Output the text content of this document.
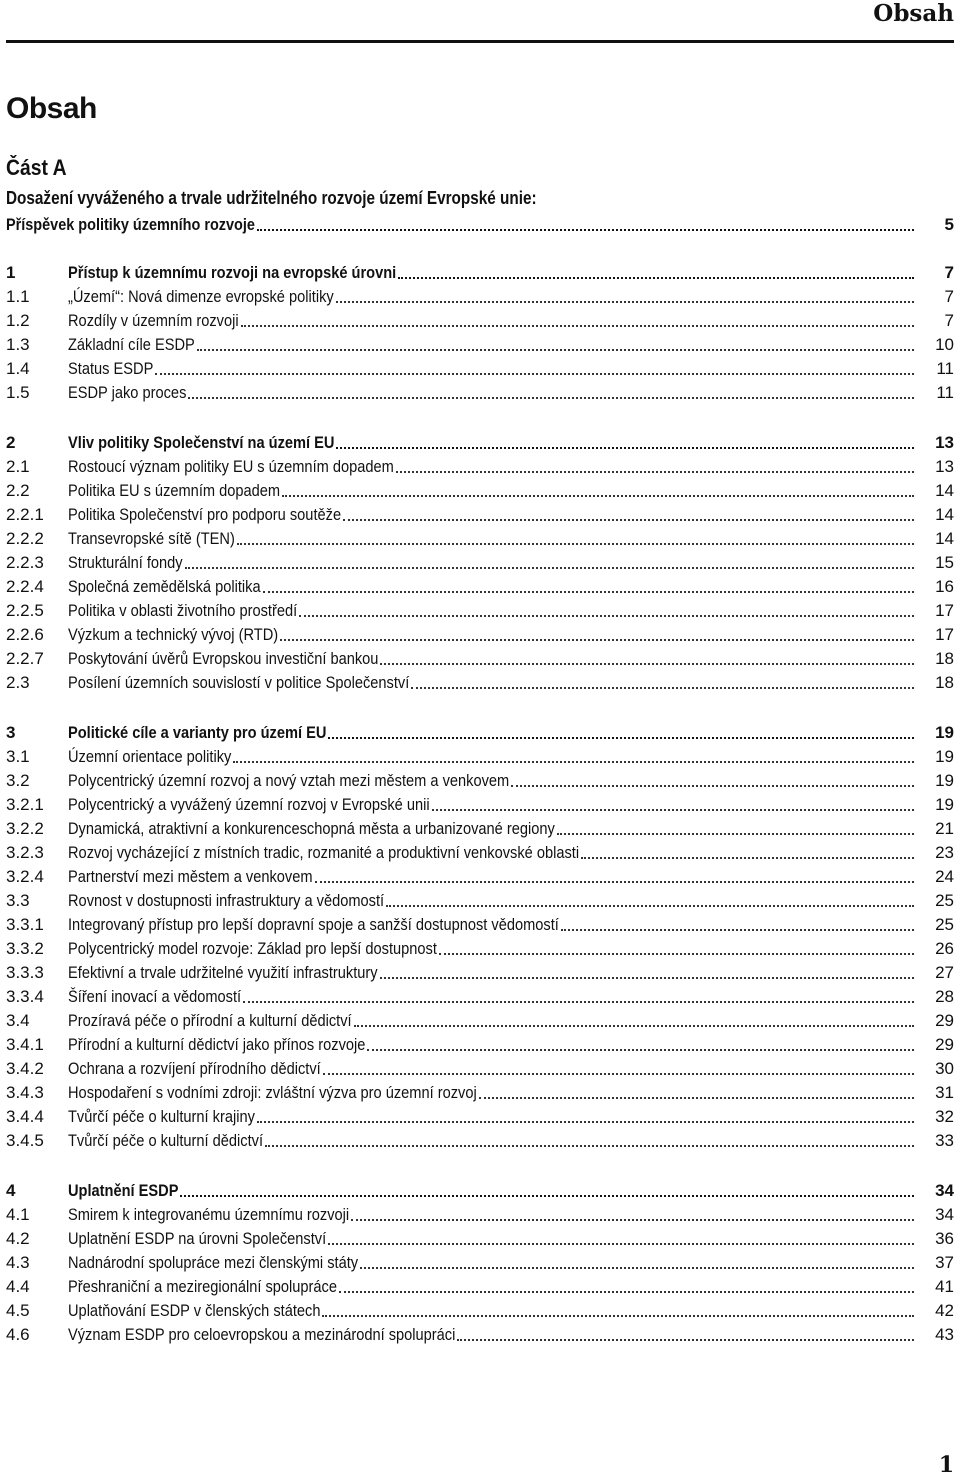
Obsah
Obsah
Část A
Dosažení vyváženého a trvale udržitelného rozvoje území Evropské unie:
Příspěvek politiky územního rozvoje	5
1	Přístup k územnímu rozvoji na evropské úrovni	7
1.1	„Území“: Nová dimenze evropské politiky	7
1.2	Rozdíly v územním rozvoji	7
1.3	Základní cíle ESDP	10
1.4	Status ESDP	11
1.5	ESDP jako proces	11
2	Vliv politiky Společenství na území EU	13
2.1	Rostoucí význam politiky EU s územním dopadem	13
2.2	Politika EU s územním dopadem	14
2.2.1	Politika Společenství pro podporu soutěže	14
2.2.2	Transevropské sítě (TEN)	14
2.2.3	Strukturální fondy	15
2.2.4	Společná zemědělská politika	16
2.2.5	Politika v oblasti životního prostředí	17
2.2.6	Výzkum a technický vývoj (RTD)	17
2.2.7	Poskytování úvěrů Evropskou investiční bankou	18
2.3	Posílení územních souvislostí v politice Společenství	18
3	Politické cíle a varianty pro území EU	19
3.1	Územní orientace politiky	19
3.2	Polycentrický územní rozvoj a nový vztah mezi městem a venkovem	19
3.2.1	Polycentrický a vyvážený územní rozvoj v Evropské unii	19
3.2.2	Dynamická, atraktivní a konkurenceschopná města a urbanizované regiony	21
3.2.3	Rozvoj vycházející z místních tradic, rozmanité a produktivní venkovské oblasti	23
3.2.4	Partnerství mezi městem a venkovem	24
3.3	Rovnost v dostupnosti infrastruktury a vědomostí	25
3.3.1	Integrovaný přístup pro lepší dopravní spoje a sanžší dostupnost vědomostí	25
3.3.2	Polycentrický model rozvoje: Základ pro lepší dostupnost	26
3.3.3	Efektivní a trvale udržitelné využití infrastruktury	27
3.3.4	Šíření inovací a vědomostí	28
3.4	Prozíravá péče o přírodní a kulturní dědictví	29
3.4.1	Přírodní a kulturní dědictví jako přínos rozvoje	29
3.4.2	Ochrana a rozvíjení přírodního dědictví	30
3.4.3	Hospodaření s vodními zdroji: zvláštní výzva pro územní rozvoj	31
3.4.4	Tvůrčí péče o kulturní krajiny	32
3.4.5	Tvůrčí péče o kulturní dědictví	33
4	Uplatnění ESDP	34
4.1	Smirem k integrovanému územnímu rozvoji	34
4.2	Uplatnění ESDP na úrovni Společenství	36
4.3	Nadnárodní spolupráce mezi členskými státy	37
4.4	Přeshraniční a meziregionální spolupráce	41
4.5	Uplatňování ESDP v členských státech	42
4.6	Význam ESDP pro celoevropskou a mezinárodní spolupráci	43
1
